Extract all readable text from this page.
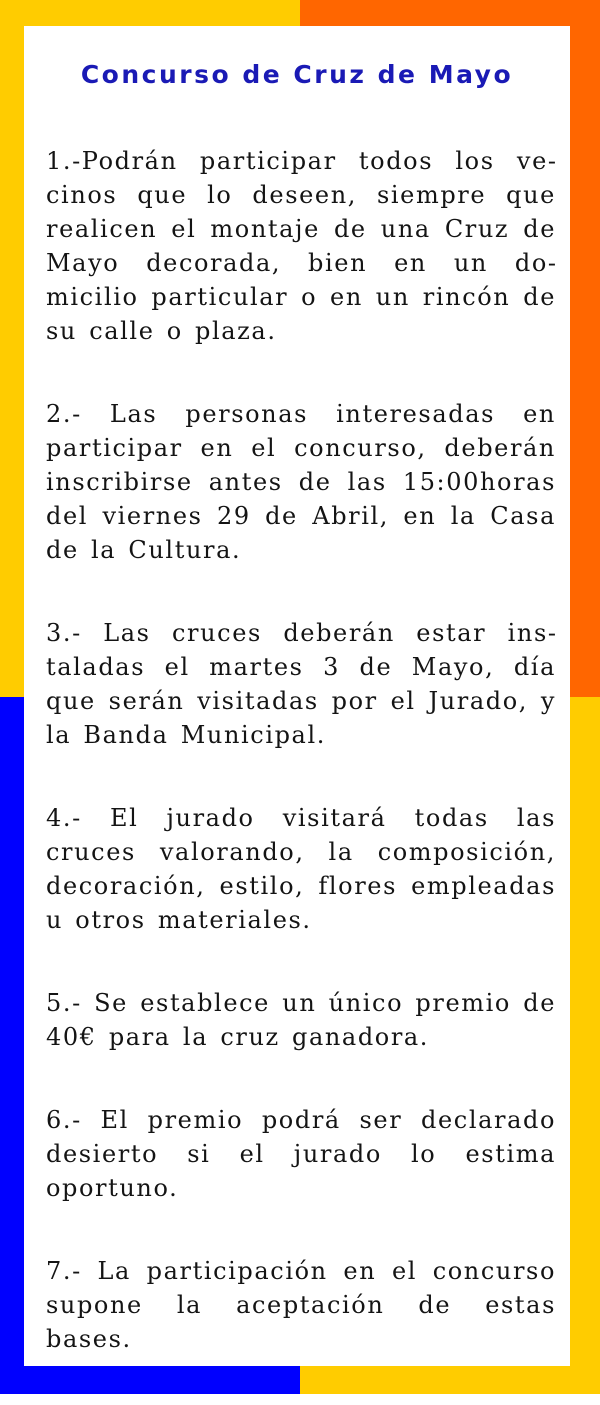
Concurso de Cruz de Mayo

1.-Podrán participar todos los vecinos que lo deseen, siempre que realicen el montaje de una Cruz de Mayo decorada, bien en un domicilio particular o en un rincón de su calle o plaza.

2.- Las personas interesadas en participar en el concurso, deberán inscribirse antes de las 15:00horas del viernes 29 de Abril, en la Casa de la Cultura.

3.- Las cruces deberán estar instaladas el martes 3 de Mayo, día que serán visitadas por el Jurado, y la Banda Municipal.

4.- El jurado visitará todas las cruces valorando, la composición, decoración, estilo, flores empleadas u otros materiales.

5.- Se establece un único premio de 40€ para la cruz ganadora.

6.- El premio podrá ser declarado desierto si el jurado lo estima oportuno.

7.- La participación en el concurso supone la aceptación de estas bases.
